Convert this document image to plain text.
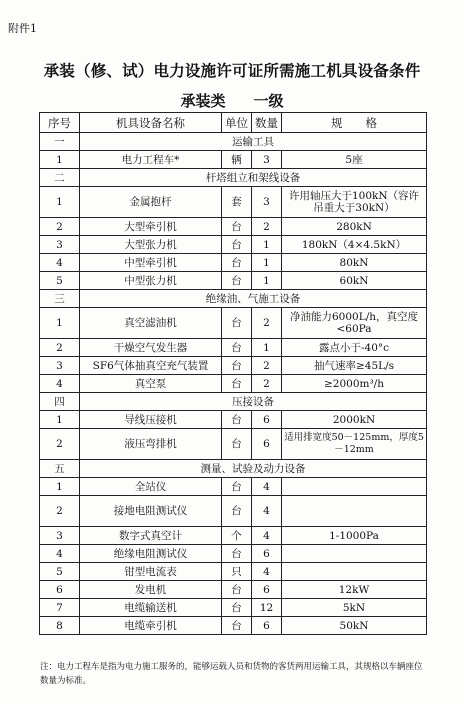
附件1
承装（修、试）电力设施许可证所需施工机具设备条件
承装类 一级
序号	机具设备名称	单位	数量	规　　格
一	运输工具			
1	电力工程车*	辆	3	5座
二	杆塔组立和架线设备			
1	金属抱杆	套	3	许用轴压大于100kN（容许吊重大于30kN）
2	大型牵引机	台	2	280kN
3	大型张力机	台	1	180kN（4×4.5kN）
4	中型牵引机	台	1	80kN
5	中型张力机	台	1	60kN
三	绝缘油、气施工设备			
1	真空滤油机	台	2	净油能力6000L/h，真空度<60Pa
2	干燥空气发生器	台	1	露点小于-40°c
3	SF6气体抽真空充气装置	台	2	抽气速率≥45L/s
4	真空泵	台	2	≥2000m³/h
四	压接设备			
1	导线压接机	台	6	2000kN
2	液压弯排机	台	6	适用排宽度50－125mm，厚度5－12mm
五	测量、试验及动力设备			
1	全站仪	台	4	
2	接地电阻测试仪	台	4	
3	数字式真空计	个	4	1-1000Pa
4	绝缘电阻测试仪	台	6	
5	钳型电流表	只	4	
6	发电机	台	6	12kW
7	电缆输送机	台	12	5kN
8	电缆牵引机	台	6	50kN
注：电力工程车是指为电力施工服务的，能够运载人员和货物的客货两用运输工具，其规格以车辆座位数量为标准。
